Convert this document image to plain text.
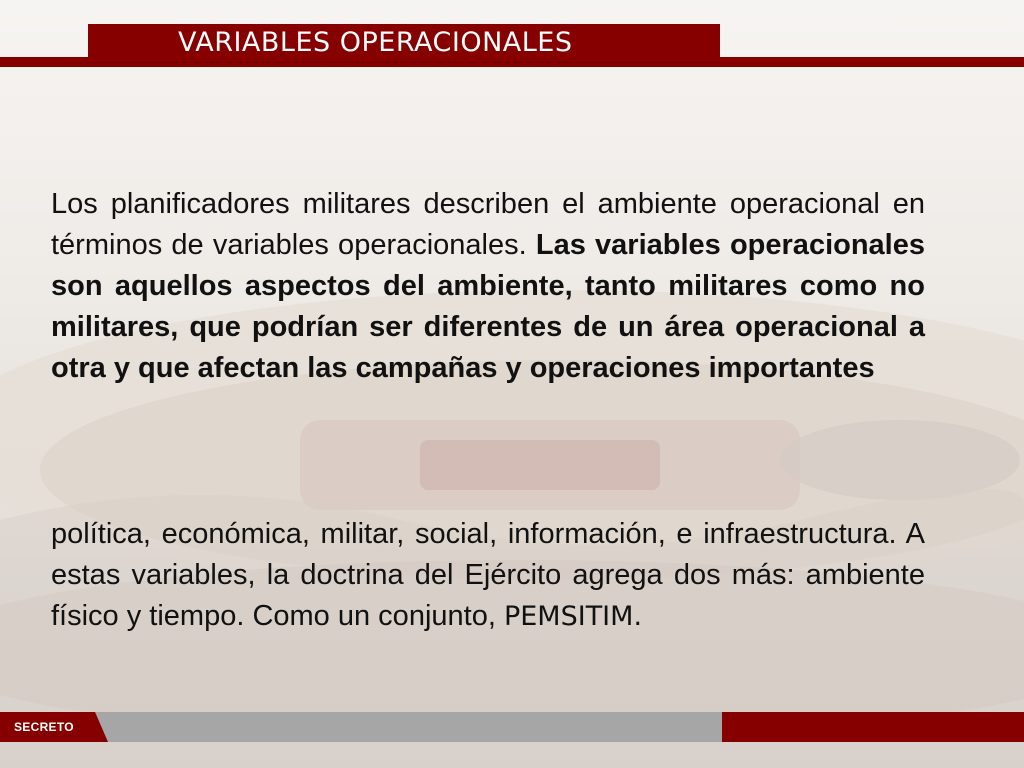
VARIABLES OPERACIONALES
Los planificadores militares describen el ambiente operacional en términos de variables operacionales. Las variables operacionales son aquellos aspectos del ambiente, tanto militares como no militares, que podrían ser diferentes de un área operacional a otra y que afectan las campañas y operaciones importantes
política, económica, militar, social, información, e infraestructura. A estas variables, la doctrina del Ejército agrega dos más: ambiente físico y tiempo. Como un conjunto, PEMSITIM.
SECRETO
